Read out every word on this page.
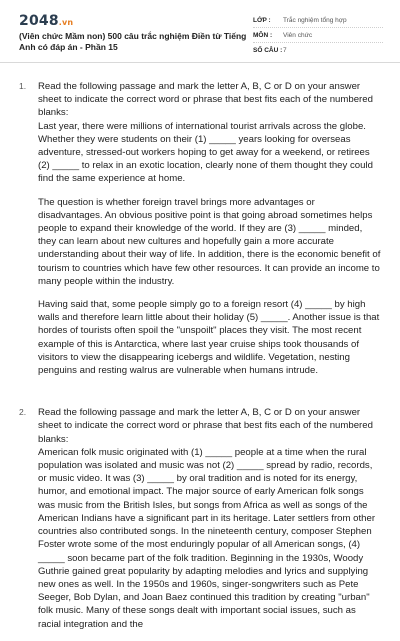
2048.vn
(Viên chức Mầm non) 500 câu trắc nghiệm Điền từ Tiếng Anh có đáp án - Phần 15
LỚP : Trắc nghiệm tổng hợp
MÔN : Viên chức
SỐ CÂU :7
1.	Read the following passage and mark the letter A, B, C or D on your answer sheet to indicate the correct word or phrase that best fits each of the numbered blanks:

Last year, there were millions of international tourist arrivals across the globe. Whether they were students on their (1) _____ years looking for overseas adventure, stressed-out workers hoping to get away for a weekend, or retirees (2) _____ to relax in an exotic location, clearly none of them thought they could find the same experience at home.

The question is whether foreign travel brings more advantages or disadvantages. An obvious positive point is that going abroad sometimes helps people to expand their knowledge of the world. If they are (3) _____ minded, they can learn about new cultures and hopefully gain a more accurate understanding about their way of life. In addition, there is the economic benefit of tourism to countries which have few other resources. It can provide an income to many people within the industry.

Having said that, some people simply go to a foreign resort (4) _____ by high walls and therefore learn little about their holiday (5) _____. Another issue is that hordes of tourists often spoil the "unspoilt" places they visit. The most recent example of this is Antarctica, where last year cruise ships took thousands of visitors to view the disappearing icebergs and wildlife. Vegetation, nesting penguins and resting walrus are vulnerable when humans intrude.

2.	Read the following passage and mark the letter A, B, C or D on your answer sheet to indicate the correct word or phrase that best fits each of the numbered blanks:

American folk music originated with (1) _____ people at a time when the rural population was isolated and music was not (2) _____ spread by radio, records, or music video. It was (3) _____ by oral tradition and is noted for its energy, humor, and emotional impact. The major source of early American folk songs was music from the British Isles, but songs from Africa as well as songs of the American Indians have a significant part in its heritage. Later settlers from other countries also contributed songs. In the nineteenth century, composer Stephen Foster wrote some of the most enduringly popular of all American songs, (4) _____ soon became part of the folk tradition. Beginning in the 1930s, Woody Guthrie gained great popularity by adapting melodies and lyrics and supplying new ones as well. In the 1950s and 1960s, singer-songwriters such as Pete Seeger, Bob Dylan, and Joan Baez continued this tradition by creating "urban" folk music. Many of these songs dealt with important social issues, such as racial integration and the
